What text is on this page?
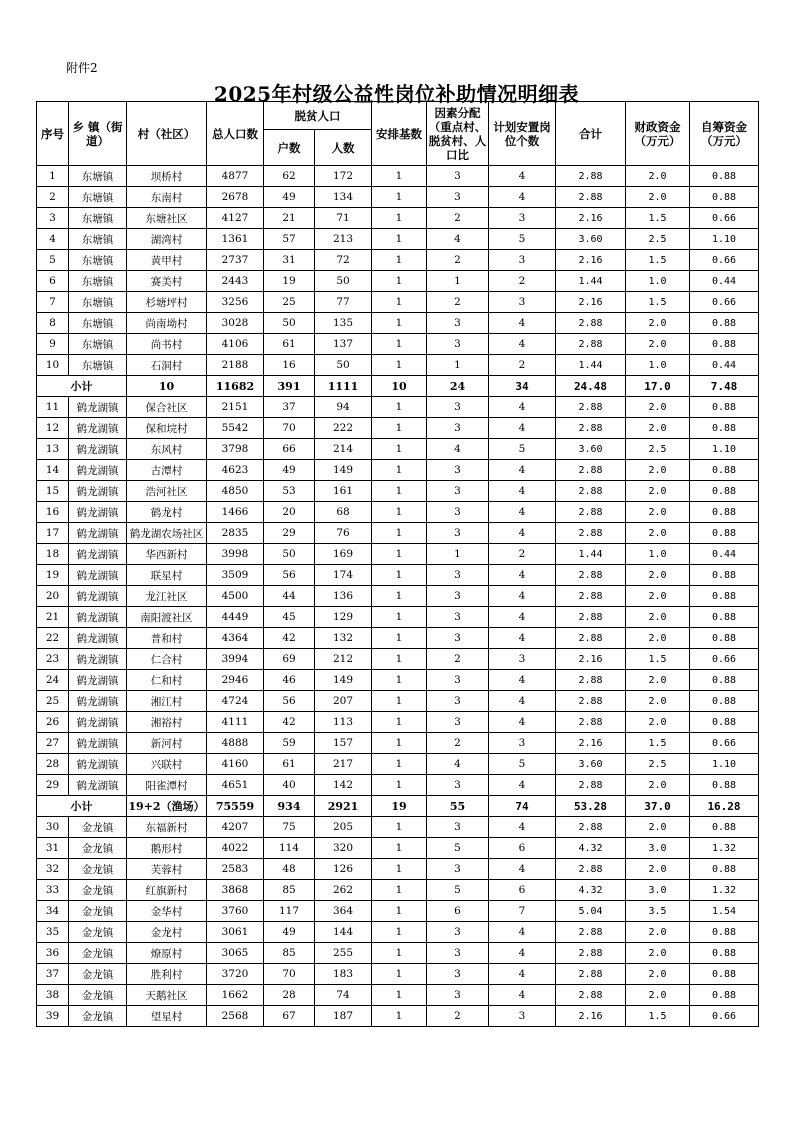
附件2
2025年村级公益性岗位补助情况明细表
序号	乡 镇（街道）	村（社区）	总人口数	脱贫人口		安排基数	因素分配（重点村、脱贫村、人口比	计划安置岗位个数	合计	财政资金（万元）	自筹资金（万元）
				户数	人数						
1	东塘镇	坝桥村	4877	62	172	1	3	4	2.88	2.0	0.88
2	东塘镇	东南村	2678	49	134	1	3	4	2.88	2.0	0.88
3	东塘镇	东塘社区	4127	21	71	1	2	3	2.16	1.5	0.66
4	东塘镇	湖湾村	1361	57	213	1	4	5	3.60	2.5	1.10
5	东塘镇	黄甲村	2737	31	72	1	2	3	2.16	1.5	0.66
6	东塘镇	赛美村	2443	19	50	1	1	2	1.44	1.0	0.44
7	东塘镇	杉塘坪村	3256	25	77	1	2	3	2.16	1.5	0.66
8	东塘镇	尚南坳村	3028	50	135	1	3	4	2.88	2.0	0.88
9	东塘镇	尚书村	4106	61	137	1	3	4	2.88	2.0	0.88
10	东塘镇	石洞村	2188	16	50	1	1	2	1.44	1.0	0.44
小计		10	11682	391	1111	10	24	34	24.48	17.0	7.48
11	鹤龙湖镇	保合社区	2151	37	94	1	3	4	2.88	2.0	0.88
12	鹤龙湖镇	保和垸村	5542	70	222	1	3	4	2.88	2.0	0.88
13	鹤龙湖镇	东风村	3798	66	214	1	4	5	3.60	2.5	1.10
14	鹤龙湖镇	古潭村	4623	49	149	1	3	4	2.88	2.0	0.88
15	鹤龙湖镇	浩河社区	4850	53	161	1	3	4	2.88	2.0	0.88
16	鹤龙湖镇	鹤龙村	1466	20	68	1	3	4	2.88	2.0	0.88
17	鹤龙湖镇	鹤龙湖农场社区	2835	29	76	1	3	4	2.88	2.0	0.88
18	鹤龙湖镇	华西新村	3998	50	169	1	1	2	1.44	1.0	0.44
19	鹤龙湖镇	联星村	3509	56	174	1	3	4	2.88	2.0	0.88
20	鹤龙湖镇	龙江社区	4500	44	136	1	3	4	2.88	2.0	0.88
21	鹤龙湖镇	南阳渡社区	4449	45	129	1	3	4	2.88	2.0	0.88
22	鹤龙湖镇	普和村	4364	42	132	1	3	4	2.88	2.0	0.88
23	鹤龙湖镇	仁合村	3994	69	212	1	2	3	2.16	1.5	0.66
24	鹤龙湖镇	仁和村	2946	46	149	1	3	4	2.88	2.0	0.88
25	鹤龙湖镇	湘江村	4724	56	207	1	3	4	2.88	2.0	0.88
26	鹤龙湖镇	湘裕村	4111	42	113	1	3	4	2.88	2.0	0.88
27	鹤龙湖镇	新河村	4888	59	157	1	2	3	2.16	1.5	0.66
28	鹤龙湖镇	兴联村	4160	61	217	1	4	5	3.60	2.5	1.10
29	鹤龙湖镇	阳雀潭村	4651	40	142	1	3	4	2.88	2.0	0.88
小计		19+2（渔场）	75559	934	2921	19	55	74	53.28	37.0	16.28
30	金龙镇	东福新村	4207	75	205	1	3	4	2.88	2.0	0.88
31	金龙镇	鹅形村	4022	114	320	1	5	6	4.32	3.0	1.32
32	金龙镇	芙蓉村	2583	48	126	1	3	4	2.88	2.0	0.88
33	金龙镇	红旗新村	3868	85	262	1	5	6	4.32	3.0	1.32
34	金龙镇	金华村	3760	117	364	1	6	7	5.04	3.5	1.54
35	金龙镇	金龙村	3061	49	144	1	3	4	2.88	2.0	0.88
36	金龙镇	燎原村	3065	85	255	1	3	4	2.88	2.0	0.88
37	金龙镇	胜利村	3720	70	183	1	3	4	2.88	2.0	0.88
38	金龙镇	天鹅社区	1662	28	74	1	3	4	2.88	2.0	0.88
39	金龙镇	望星村	2568	67	187	1	2	3	2.16	1.5	0.66
